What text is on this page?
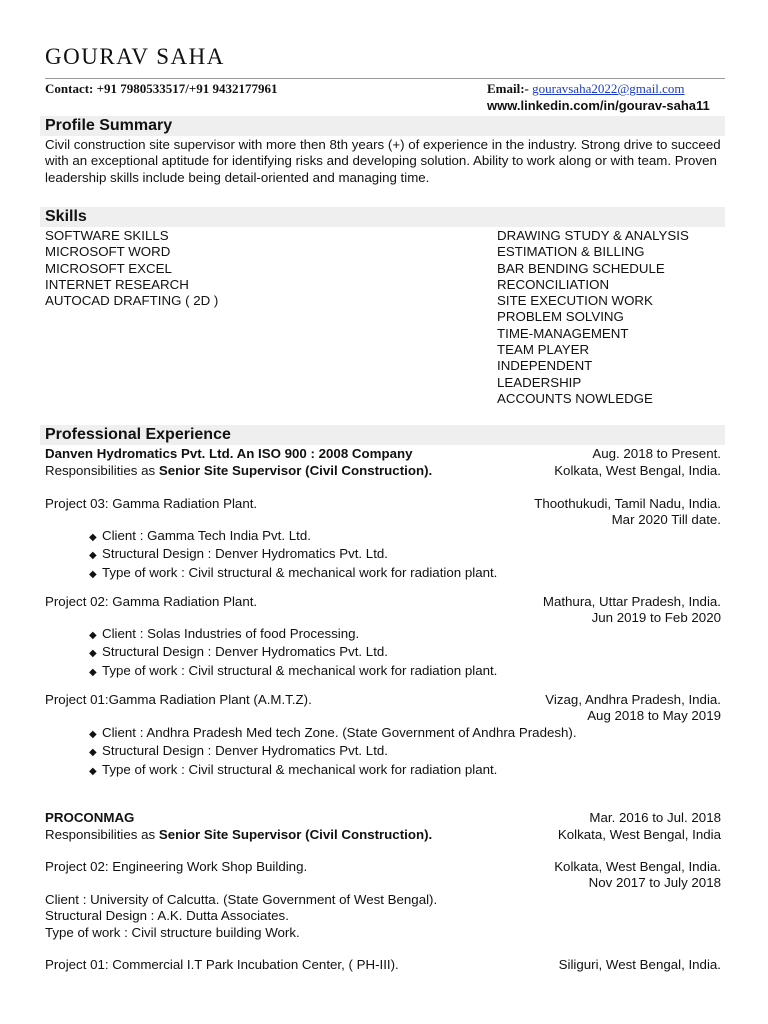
GOURAV SAHA
Contact: +91 7980533517/+91 9432177961	Email:- gouravsaha2022@gmail.com
www.linkedin.com/in/gourav-saha11
Profile Summary
Civil construction site supervisor with more then 8th years (+) of experience in the industry. Strong drive to succeed with an exceptional aptitude for identifying risks and developing solution. Ability to work along or with team. Proven leadership skills include being detail-oriented and managing time.
Skills
SOFTWARE SKILLS
MICROSOFT WORD
MICROSOFT EXCEL
INTERNET RESEARCH
AUTOCAD DRAFTING ( 2D )
DRAWING STUDY & ANALYSIS
ESTIMATION & BILLING
BAR BENDING SCHEDULE
RECONCILIATION
SITE EXECUTION WORK
PROBLEM SOLVING
TIME-MANAGEMENT
TEAM PLAYER
INDEPENDENT
LEADERSHIP
ACCOUNTS NOWLEDGE
Professional Experience
Danven Hydromatics Pvt. Ltd. An ISO 900 : 2008 Company	Aug. 2018 to Present.
Responsibilities as Senior Site Supervisor (Civil Construction).	Kolkata, West Bengal, India.
Project 03: Gamma Radiation Plant.	Thoothukudi, Tamil Nadu, India.
Mar 2020 Till date.
◆ Client : Gamma Tech India Pvt. Ltd.
◆ Structural Design : Denver Hydromatics Pvt. Ltd.
◆ Type of work : Civil structural & mechanical work for radiation plant.
Project 02: Gamma Radiation Plant.	Mathura, Uttar Pradesh, India.
Jun 2019 to Feb 2020
◆ Client : Solas Industries of food Processing.
◆ Structural Design : Denver Hydromatics Pvt. Ltd.
◆ Type of work : Civil structural & mechanical work for radiation plant.
Project 01:Gamma Radiation Plant (A.M.T.Z).	Vizag, Andhra Pradesh, India.
Aug 2018 to May 2019
◆ Client : Andhra Pradesh Med tech Zone. (State Government of Andhra Pradesh).
◆ Structural Design : Denver Hydromatics Pvt. Ltd.
◆ Type of work : Civil structural & mechanical work for radiation plant.
PROCONMAG	Mar. 2016 to Jul. 2018
Responsibilities as Senior Site Supervisor (Civil Construction).	Kolkata, West Bengal, India
Project 02: Engineering Work Shop Building.	Kolkata, West Bengal, India.
Nov 2017 to July 2018
Client : University of Calcutta. (State Government of West Bengal).
Structural Design : A.K. Dutta Associates.
Type of work : Civil structure building Work.
Project 01: Commercial I.T Park Incubation Center, ( PH-III).	Siliguri, West Bengal, India.
